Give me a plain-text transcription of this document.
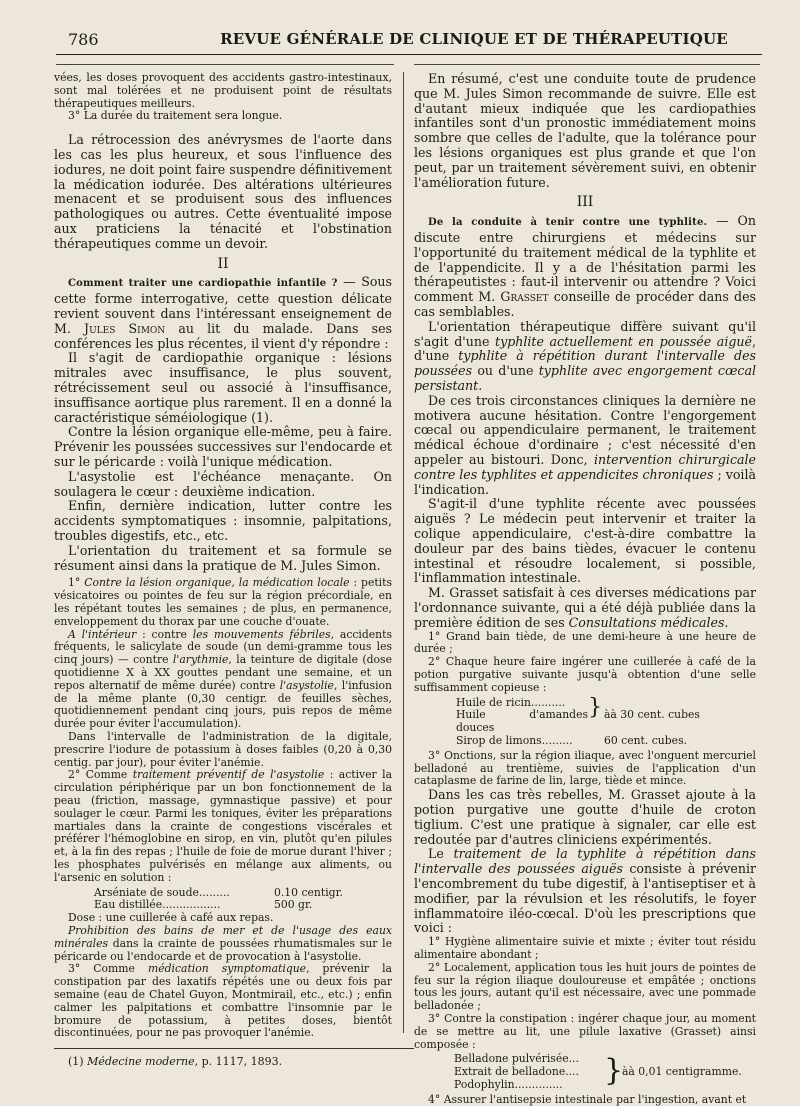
786	REVUE GÉNÉRALE DE CLINIQUE ET DE THÉRAPEUTIQUE

vées, les doses provoquent des accidents gastro-intestinaux, sont mal tolérées et ne produisent point de résultats thérapeutiques meilleurs.

3° La durée du traitement sera longue.

La rétrocession des anévrysmes de l'aorte dans les cas les plus heureux, et sous l'influence des iodures, ne doit point faire suspendre définitivement la médication iodurée. Des altérations ultérieures menacent et se produisent sous des influences pathologiques ou autres. Cette éventualité impose aux praticiens la ténacité et l'obstination thérapeutiques comme un devoir.

II

Comment traiter une cardiopathie infantile ? — Sous cette forme interrogative, cette question délicate revient souvent dans l'intéressant enseignement de M. Jules Simon au lit du malade. Dans ses conférences les plus récentes, il vient d'y répondre :

Il s'agit de cardiopathie organique : lésions mitrales avec insuffisance, le plus souvent, rétrécissement seul ou associé à l'insuffisance, insuffisance aortique plus rarement. Il en a donné la caractéristique séméiologique (1).

Contre la lésion organique elle-même, peu à faire. Prévenir les poussées successives sur l'endocarde et sur le péricarde : voilà l'unique médication.

L'asystolie est l'échéance menaçante. On soulagera le cœur : deuxième indication.

Enfin, dernière indication, lutter contre les accidents symptomatiques : insomnie, palpitations, troubles digestifs, etc., etc.

L'orientation du traitement et sa formule se résument ainsi dans la pratique de M. Jules Simon.

1° Contre la lésion organique, la médication locale : petits vésicatoires ou pointes de feu sur la région précordiale, en les répétant toutes les semaines ; de plus, en permanence, enveloppement du thorax par une couche d'ouate.

A l'intérieur : contre les mouvements fébriles, accidents fréquents, le salicylate de soude (un demi-gramme tous les cinq jours) — contre l'arythmie, la teinture de digitale (dose quotidienne X à XX gouttes pendant une semaine, et un repos alternatif de même durée) contre l'asystolie, l'infusion de la même plante (0,30 centigr. de feuilles sèches, quotidiennement pendant cinq jours, puis repos de même durée pour éviter l'accumulation).

Dans l'intervalle de l'administration de la digitale, prescrire l'iodure de potassium à doses faibles (0,20 à 0,30 centig. par jour), pour éviter l'anémie.

2° Comme traitement préventif de l'asystolie : activer la circulation périphérique par un bon fonctionnement de la peau (friction, massage, gymnastique passive) et pour soulager le cœur. Parmi les toniques, éviter les préparations martiales dans la crainte de congestions viscérales et préférer l'hémoglobine en sirop, en vin, plutôt qu'en pilules et, à la fin des repas ; l'huile de foie de morue durant l'hiver ; les phosphates pulvérisés en mélange aux aliments, ou l'arsenic en solution :

Arséniate de soude.........	0.10 centigr.
Eau distillée.................	500 gr.

Dose : une cuillerée à café aux repas.

Prohibition des bains de mer et de l'usage des eaux minérales dans la crainte de poussées rhumatismales sur le péricarde ou l'endocarde et de provocation à l'asystolie.

3° Comme médication symptomatique, prévenir la constipation par des laxatifs répétés une ou deux fois par semaine (eau de Chatel Guyon, Montmirail, etc., etc.) ; enfin calmer les palpitations et combattre l'insomnie par le bromure de potassium, à petites doses, bientôt discontinuées, pour ne pas provoquer l'anémie.

(1) Médecine moderne, p. 1117, 1893.

En résumé, c'est une conduite toute de prudence que M. Jules Simon recommande de suivre. Elle est d'autant mieux indiquée que les cardiopathies infantiles sont d'un pronostic immédiatement moins sombre que celles de l'adulte, que la tolérance pour les lésions organiques est plus grande et que l'on peut, par un traitement sévèrement suivi, en obtenir l'amélioration future.

III

De la conduite à tenir contre une typhlite. — On discute entre chirurgiens et médecins sur l'opportunité du traitement médical de la typhlite et de l'appendicite. Il y a de l'hésitation parmi les thérapeutistes : faut-il intervenir ou attendre ? Voici comment M. Grasset conseille de procéder dans des cas semblables.

L'orientation thérapeutique diffère suivant qu'il s'agit d'une typhlite actuellement en poussée aiguë, d'une typhlite à répétition durant l'intervalle des poussées ou d'une typhlite avec engorgement cœcal persistant.

De ces trois circonstances cliniques la dernière ne motivera aucune hésitation. Contre l'engorgement cœcal ou appendiculaire permanent, le traitement médical échoue d'ordinaire ; c'est nécessité d'en appeler au bistouri. Donc, intervention chirurgicale contre les typhlites et appendicites chroniques ; voilà l'indication.

S'agit-il d'une typhlite récente avec poussées aiguës ? Le médecin peut intervenir et traiter la colique appendiculaire, c'est-à-dire combattre la douleur par des bains tièdes, évacuer le contenu intestinal et résoudre localement, si possible, l'inflammation intestinale.

M. Grasset satisfait à ces diverses médications par l'ordonnance suivante, qui a été déjà publiée dans la première édition de ses Consultations médicales.

1° Grand bain tiède, de une demi-heure à une heure de durée ;

2° Chaque heure faire ingérer une cuillerée à café de la potion purgative suivante jusqu'à obtention d'une selle suffisamment copieuse :

Huile de ricin..........	} àà 30 cent. cubes
Huile d'amandes douces
Sirop de limons.........	60 cent. cubes.

3° Onctions, sur la région iliaque, avec l'onguent mercuriel belladoné au trentième, suivies de l'application d'un cataplasme de farine de lin, large, tiède et mince.

Dans les cas très rebelles, M. Grasset ajoute à la potion purgative une goutte d'huile de croton tiglium. C'est une pratique à signaler, car elle est redoutée par d'autres cliniciens expérimentés.

Le traitement de la typhlite à répétition dans l'intervalle des poussées aiguës consiste à prévenir l'encombrement du tube digestif, à l'antiseptiser et à modifier, par la révulsion et les résolutifs, le foyer inflammatoire iléo-cœcal. D'où les prescriptions que voici :

1° Hygiène alimentaire suivie et mixte ; éviter tout résidu alimentaire abondant ;

2° Localement, application tous les huit jours de pointes de feu sur la région iliaque douloureuse et empâtée ; onctions tous les jours, autant qu'il est nécessaire, avec une pommade belladonée ;

3° Contre la constipation : ingérer chaque jour, au moment de se mettre au lit, une pilule laxative (Grasset) ainsi composée :

Belladone pulvérisée... }
àà 0,01 centigramme.
Extrait de belladone....
Podophylin..............

4° Assurer l'antisepsie intestinale par l'ingestion, avant et
